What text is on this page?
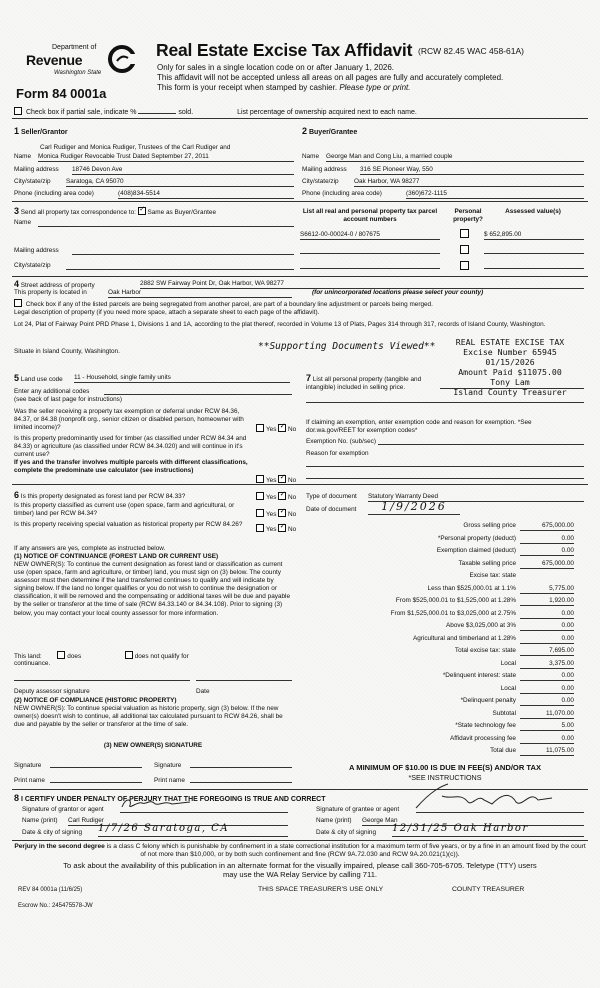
Department of
Revenue
Washington State
Form 84 0001a
Real Estate Excise Tax Affidavit (RCW 82.45 WAC 458-61A)
Only for sales in a single location code on or after January 1, 2026.
This affidavit will not be accepted unless all areas on all pages are fully and accurately completed.
This form is your receipt when stamped by cashier. Please type or print.
Check box if partial sale, indicate %	sold.	List percentage of ownership acquired next to each name.
1 Seller/Grantor
Carl Rudiger and Monica Rudiger, Trustees of the Carl Rudiger and
Name Monica Rudiger Revocable Trust Dated September 27, 2011
Mailing address 18746 Devon Ave
City/state/zip Saratoga, CA 95070
Phone (including area code)	(408)834-5514
2 Buyer/Grantee
Name George Man and Cong Liu, a married couple
Mailing address 316 SE Pioneer Way, 550
City/state/zip Oak Harbor, WA 98277
Phone (including area code)	(360)672-1115
3 Send all property tax correspondence to: ✓ Same as Buyer/Grantee
Name
Mailing address
City/state/zip
List all real and personal property tax parcel account numbers
Personal property?
Assessed value(s)
S6612-00-00024-0 / 807675	$ 652,895.00
4 Street address of property	2882 SW Fairway Point Dr, Oak Harbor, WA 98277
This property is located in	Oak Harbor	(for unincorporated locations please select your county)
Check box if any of the listed parcels are being segregated from another parcel, are part of a boundary line adjustment or parcels being merged.
Legal description of property (if you need more space, attach a separate sheet to each page of the affidavit).
Lot 24, Plat of Fairway Point PRD Phase 1, Divisions 1 and 1A, according to the plat thereof, recorded in Volume 13 of Plats, Pages 314 through 317, records of Island County, Washington.
Situate in Island County, Washington.	**Supporting Documents Viewed**	REAL ESTATE EXCISE TAX
Excise Number 65945
01/15/2026
Amount Paid $11075.00
Tony Lam
Island County Treasurer
5 Land use code 11 - Household, single family units
Enter any additional codes
(see back of last page for instructions)
Was the seller receiving a property tax exemption or deferral under RCW 84.36, 84.37, or 84.38 (nonprofit org., senior citizen or disabled person, homeowner with limited income)?	Yes ✓ No
Is this property predominantly used for timber (as classified under RCW 84.34 and 84.33) or agriculture (as classified under RCW 84.34.020) and will continue in it's current use?
If yes and the transfer involves multiple parcels with different classifications, complete the predominate use calculator (see instructions)
Yes ✓ No
7 List all personal property (tangible and intangible) included in selling price.
If claiming an exemption, enter exemption code and reason for exemption. *See dor.wa.gov/REET for exemption codes*
Exemption No. (sub/sec)
Reason for exemption
6 Is this property designated as forest land per RCW 84.33?	Yes ✓ No
Is this property classified as current use (open space, farm and agricultural, or timber) land per RCW 84.34?	Yes ✓ No
Is this property receiving special valuation as historical property per RCW 84.26?
Yes ✓ No
If any answers are yes, complete as instructed below.
(1) NOTICE OF CONTINUANCE (FOREST LAND OR CURRENT USE)
NEW OWNER(S): To continue the current designation as forest land or classification as current use (open space, farm and agriculture, or timber) land, you must sign on (3) below. The county assessor must then determine if the land transferred continues to qualify and will indicate by signing below. If the land no longer qualifies or you do not wish to continue the designation or classification, it will be removed and the compensating or additional taxes will be due and payable by the seller or transferor at the time of sale (RCW 84.33.140 or 84.34.108). Prior to signing (3) below, you may contact your local county assessor for more information.
This land:	does	does not qualify for
continuance.
Deputy assessor signature	Date
(2) NOTICE OF COMPLIANCE (HISTORIC PROPERTY)
NEW OWNER(S): To continue special valuation as historic property, sign (3) below. If the new owner(s) doesn't wish to continue, all additional tax calculated pursuant to RCW 84.26, shall be due and payable by the seller or transferor at the time of sale.
(3) NEW OWNER(S) SIGNATURE
Signature	Signature
Print name	Print name
Type of document Statutory Warranty Deed
Date of document	1/9/2026
Gross selling price	675,000.00
*Personal property (deduct)	0.00
Exemption claimed (deduct)	0.00
Taxable selling price	675,000.00
Excise tax: state
Less than $525,000.01 at 1.1%	5,775.00
From $525,000.01 to $1,525,000 at 1.28%	1,920.00
From $1,525,000.01 to $3,025,000 at 2.75%	0.00
Above $3,025,000 at 3%	0.00
Agricultural and timberland at 1.28%	0.00
Total excise tax: state	7,695.00
Local	3,375.00
*Delinquent interest: state	0.00
Local	0.00
*Delinquent penalty	0.00
Subtotal	11,070.00
*State technology fee	5.00
Affidavit processing fee	0.00
Total due	11,075.00
A MINIMUM OF $10.00 IS DUE IN FEE(S) AND/OR TAX
*SEE INSTRUCTIONS
8 I CERTIFY UNDER PENALTY OF PERJURY THAT THE FOREGOING IS TRUE AND CORRECT
Signature of grantor or agent
Name (print) Carl Rudiger
Date & city of signing 1/7/26 Saratoga, CA
Signature of grantee or agent
Name (print) George Man
Date & city of signing 12/31/25 Oak Harbor
Perjury in the second degree is a class C felony which is punishable by confinement in a state correctional institution for a maximum term of five years, or by a fine in an amount fixed by the court of not more than $10,000, or by both such confinement and fine (RCW 9A.72.030 and RCW 9A.20.021(1)(c)).
To ask about the availability of this publication in an alternate format for the visually impaired, please call 360-705-6705. Teletype (TTY) users may use the WA Relay Service by calling 711.
REV 84 0001a (11/6/25)	THIS SPACE TREASURER'S USE ONLY	COUNTY TREASURER
Escrow No.: 245475578-JW
